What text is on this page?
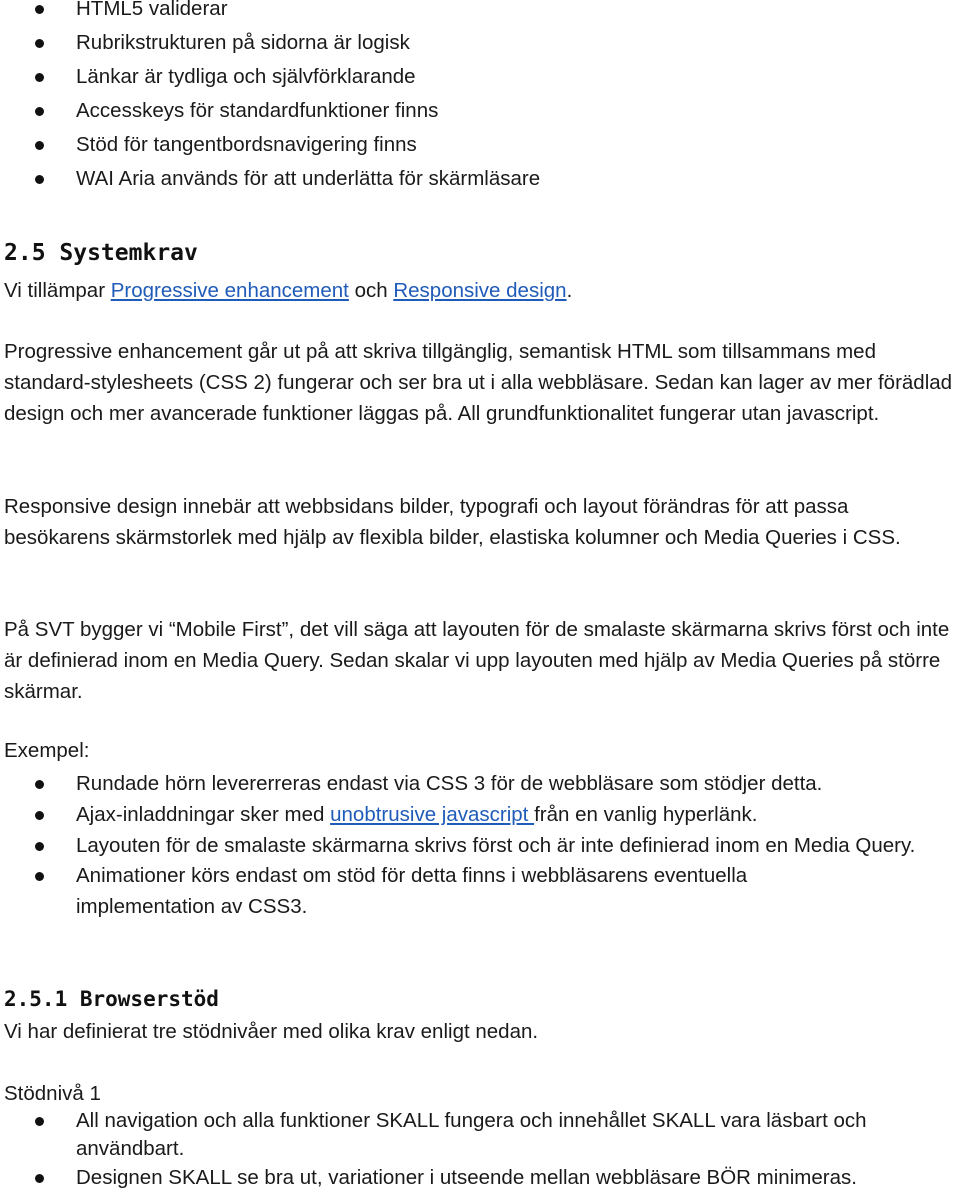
HTML5 validerar
Rubrikstrukturen på sidorna är logisk
Länkar är tydliga och självförklarande
Accesskeys för standardfunktioner finns
Stöd för tangentbordsnavigering finns
WAI Aria används för att underlätta för skärmläsare
2.5 Systemkrav

Vi tillämpar Progressive enhancement och Responsive design.

Progressive enhancement går ut på att skriva tillgänglig, semantisk HTML som tillsammans med standard-stylesheets (CSS 2) fungerar och ser bra ut i alla webbläsare. Sedan kan lager av mer förädlad design och mer avancerade funktioner läggas på. All grundfunktionalitet fungerar utan javascript.

Responsive design innebär att webbsidans bilder, typografi och layout förändras för att passa besökarens skärmstorlek med hjälp av flexibla bilder, elastiska kolumner och Media Queries i CSS.

På SVT bygger vi “Mobile First”, det vill säga att layouten för de smalaste skärmarna skrivs först och inte är definierad inom en Media Query. Sedan skalar vi upp layouten med hjälp av Media Queries på större skärmar.

Exempel:
Rundade hörn levererreras endast via CSS 3 för de webbläsare som stödjer detta.
Ajax-inladdningar sker med unobtrusive javascript från en vanlig hyperlänk.
Layouten för de smalaste skärmarna skrivs först och är inte definierad inom en Media Query.
Animationer körs endast om stöd för detta finns i webbläsarens eventuella implementation av CSS3.
2.5.1 Browserstöd

Vi har definierat tre stödnivåer med olika krav enligt nedan.

Stödnivå 1
All navigation och alla funktioner SKALL fungera och innehållet SKALL vara läsbart och användbart.
Designen SKALL se bra ut, variationer i utseende mellan webbläsare BÖR minimeras.
